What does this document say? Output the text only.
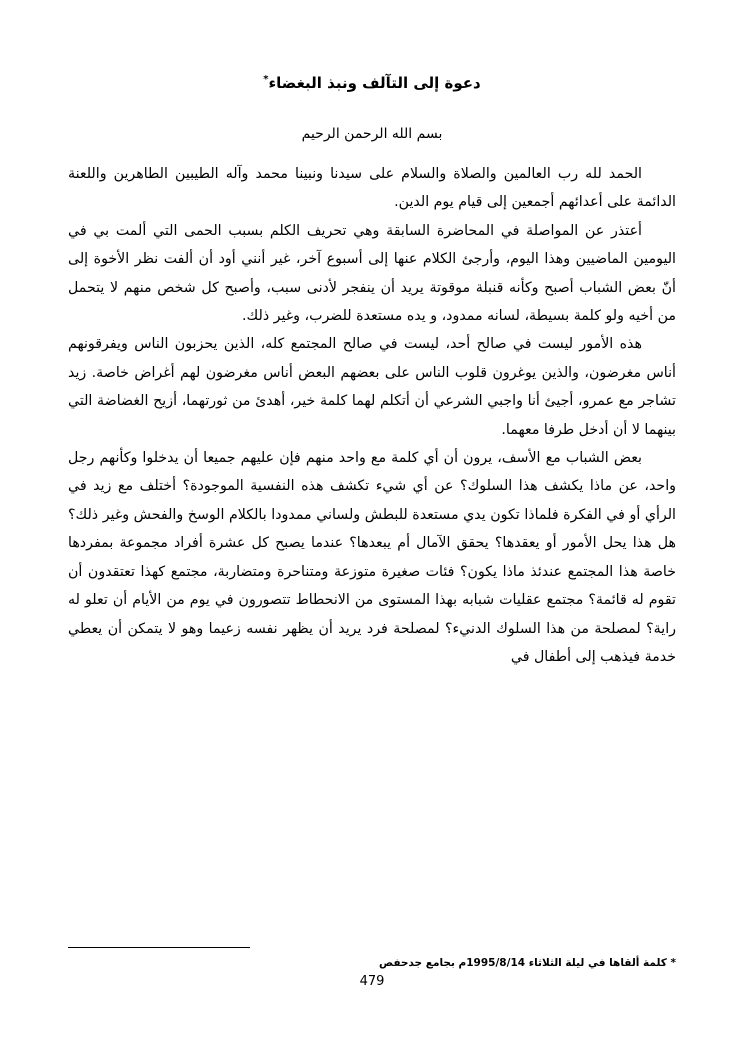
دعوة إلى التآلف ونبذ البغضاء*
بسم الله الرحمن الرحيم

الحمد لله رب العالمين والصلاة والسلام على سيدنا ونبينا محمد وآله الطيبين الطاهرين واللعنة الدائمة على أعدائهم أجمعين إلى قيام يوم الدين.

أعتذر عن المواصلة في المحاضرة السابقة وهي تحريف الكلم بسبب الحمى التي ألمت بي في اليومين الماضيين وهذا اليوم، وأرجئ الكلام عنها إلى أسبوع آخر، غير أنني أود أن ألفت نظر الأخوة إلى أنّ بعض الشباب أصبح وكأنه قنبلة موقوتة يريد أن ينفجر لأدنى سبب، وأصبح كل شخص منهم لا يتحمل من أخيه ولو كلمة بسيطة، لسانه ممدود، و يده مستعدة للضرب، وغير ذلك.

هذه الأمور ليست في صالح أحد، ليست في صالح المجتمع كله، الذين يحزبون الناس ويفرقونهم أناس مغرضون، والذين يوغرون قلوب الناس على بعضهم البعض أناس مغرضون لهم أغراض خاصة. زيد تشاجر مع عمرو، أجيئ أنا واجبي الشرعي أن أتكلم لهما كلمة خير، أهدئ من ثورتهما، أزيح الغضاضة التي بينهما لا أن أدخل طرفا معهما.

بعض الشباب مع الأسف، يرون أن أي كلمة مع واحد منهم فإن عليهم جميعا أن يدخلوا وكأنهم رجل واحد، عن ماذا يكشف هذا السلوك؟ عن أي شيء تكشف هذه النفسية الموجودة؟ أختلف مع زيد في الرأي أو في الفكرة فلماذا تكون يدي مستعدة للبطش ولساني ممدودا بالكلام الوسخ والفحش وغير ذلك؟ هل هذا يحل الأمور أو يعقدها؟ يحقق الآمال أم يبعدها؟ عندما يصبح كل عشرة أفراد مجموعة بمفردها خاصة هذا المجتمع عندئذ ماذا يكون؟ فئات صغيرة متوزعة ومتناحرة ومتضاربة، مجتمع كهذا تعتقدون أن تقوم له قائمة؟ مجتمع عقليات شبابه بهذا المستوى من الانحطاط تتصورون في يوم من الأيام أن تعلو له راية؟ لمصلحة من هذا السلوك الدنيء؟ لمصلحة فرد يريد أن يظهر نفسه زعيما وهو لا يتمكن أن يعطي خدمة فيذهب إلى أطفال في

* كلمة ألقاها في ليلة الثلاثاء 1995/8/14م بجامع جدحفص
479
